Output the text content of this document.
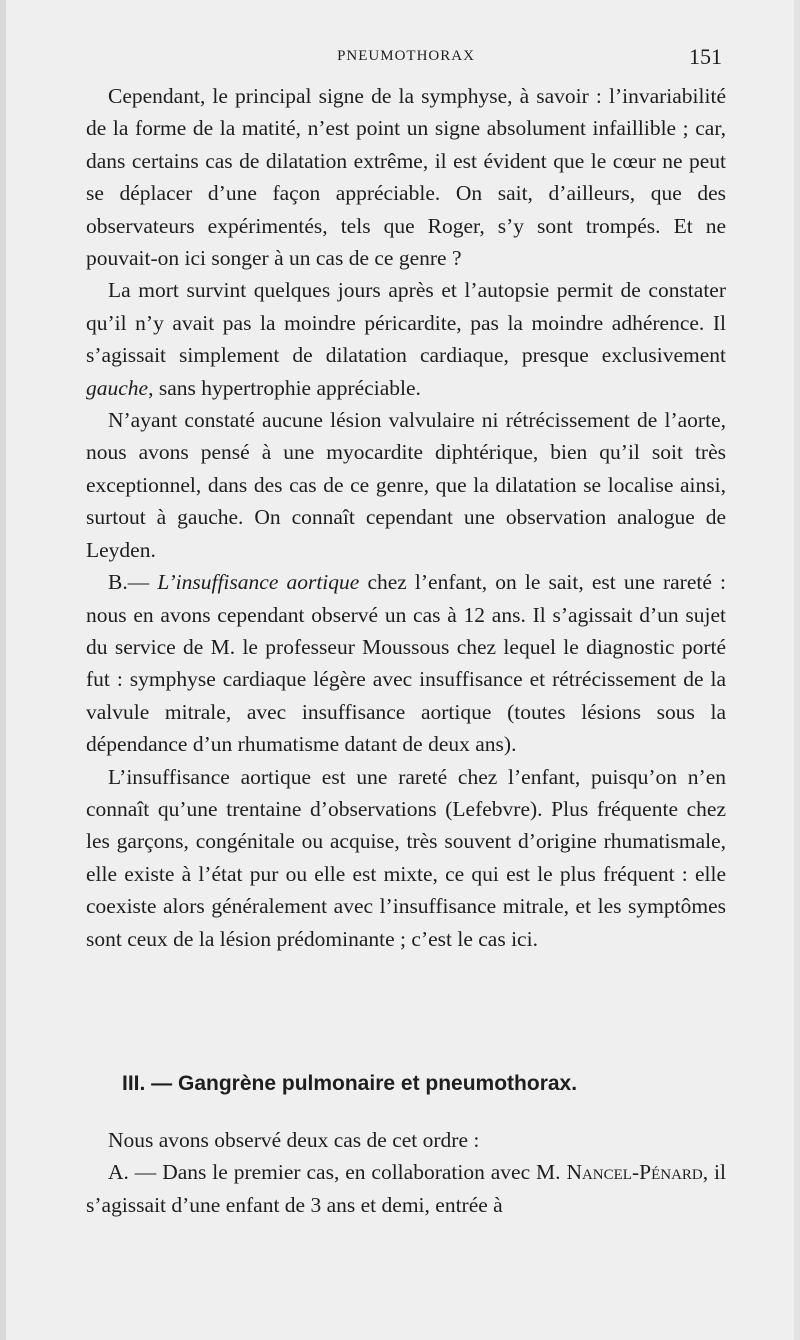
PNEUMOTHORAX	151

Cependant, le principal signe de la symphyse, à savoir : l’invariabilité de la forme de la matité, n’est point un signe absolument infaillible ; car, dans certains cas de dilatation extrême, il est évident que le cœur ne peut se déplacer d’une façon appréciable. On sait, d’ailleurs, que des observateurs expérimentés, tels que Roger, s’y sont trompés. Et ne pouvait-on ici songer à un cas de ce genre ?

La mort survint quelques jours après et l’autopsie permit de constater qu’il n’y avait pas la moindre péricardite, pas la moindre adhérence. Il s’agissait simplement de dilatation cardiaque, presque exclusivement gauche, sans hypertrophie appréciable.

N’ayant constaté aucune lésion valvulaire ni rétrécissement de l’aorte, nous avons pensé à une myocardite diphtérique, bien qu’il soit très exceptionnel, dans des cas de ce genre, que la dilatation se localise ainsi, surtout à gauche. On connaît cependant une observation analogue de Leyden.

B.— L’insuffisance aortique chez l’enfant, on le sait, est une rareté : nous en avons cependant observé un cas à 12 ans. Il s’agissait d’un sujet du service de M. le professeur Moussous chez lequel le diagnostic porté fut : symphyse cardiaque légère avec insuffisance et rétrécissement de la valvule mitrale, avec insuffisance aortique (toutes lésions sous la dépendance d’un rhumatisme datant de deux ans).

L’insuffisance aortique est une rareté chez l’enfant, puisqu’on n’en connaît qu’une trentaine d’observations (Lefebvre). Plus fréquente chez les garçons, congénitale ou acquise, très souvent d’origine rhumatismale, elle existe à l’état pur ou elle est mixte, ce qui est le plus fréquent : elle coexiste alors généralement avec l’insuffisance mitrale, et les symptômes sont ceux de la lésion prédominante ; c’est le cas ici.

III. — Gangrène pulmonaire et pneumothorax.

Nous avons observé deux cas de cet ordre :

A. — Dans le premier cas, en collaboration avec M. Nancel-Pénard, il s’agissait d’une enfant de 3 ans et demi, entrée à
